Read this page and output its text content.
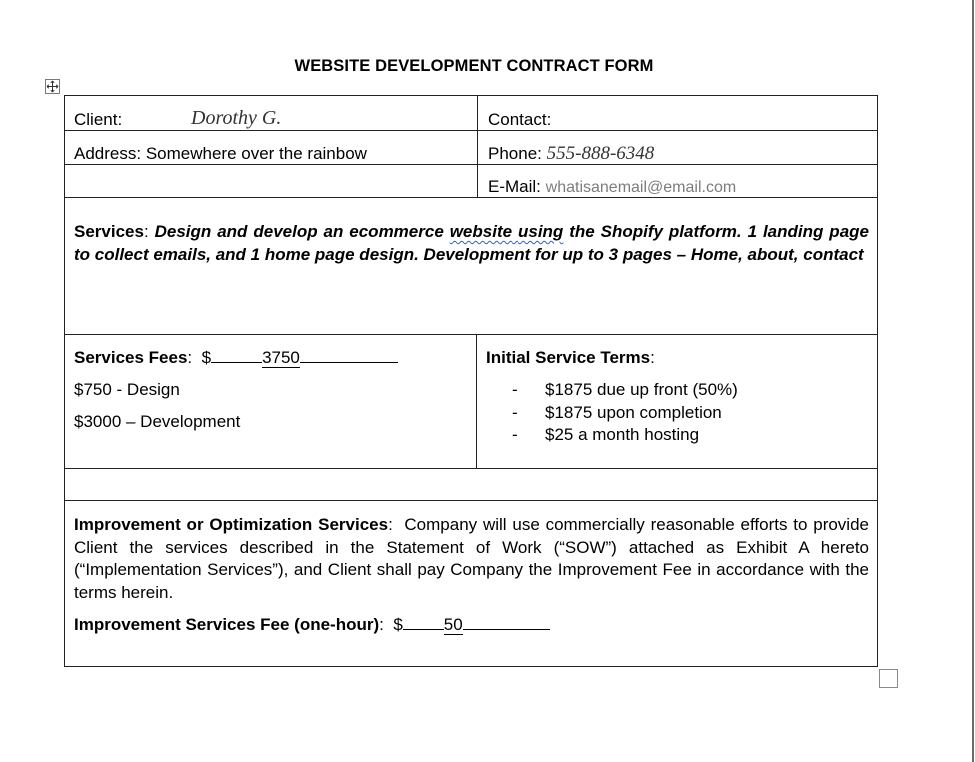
WEBSITE DEVELOPMENT CONTRACT FORM
Client:	Dorothy G.	Contact:
Address: Somewhere over the rainbow	Phone: 555-888-6348
E-Mail: whatisanemail@email.com
Services: Design and develop an ecommerce website using the Shopify platform. 1 landing page to collect emails, and 1 home page design. Development for up to 3 pages – Home, about, contact
Services Fees:  $	3750
$750 - Design
$3000 – Development
Initial Service Terms:
- $1875 due up front (50%)
- $1875 upon completion
- $25 a month hosting
Improvement or Optimization Services:  Company will use commercially reasonable efforts to provide Client the services described in the Statement of Work (“SOW”) attached as Exhibit A hereto (“Implementation Services”), and Client shall pay Company the Improvement Fee in accordance with the terms herein.
Improvement Services Fee (one-hour):  $ 50
